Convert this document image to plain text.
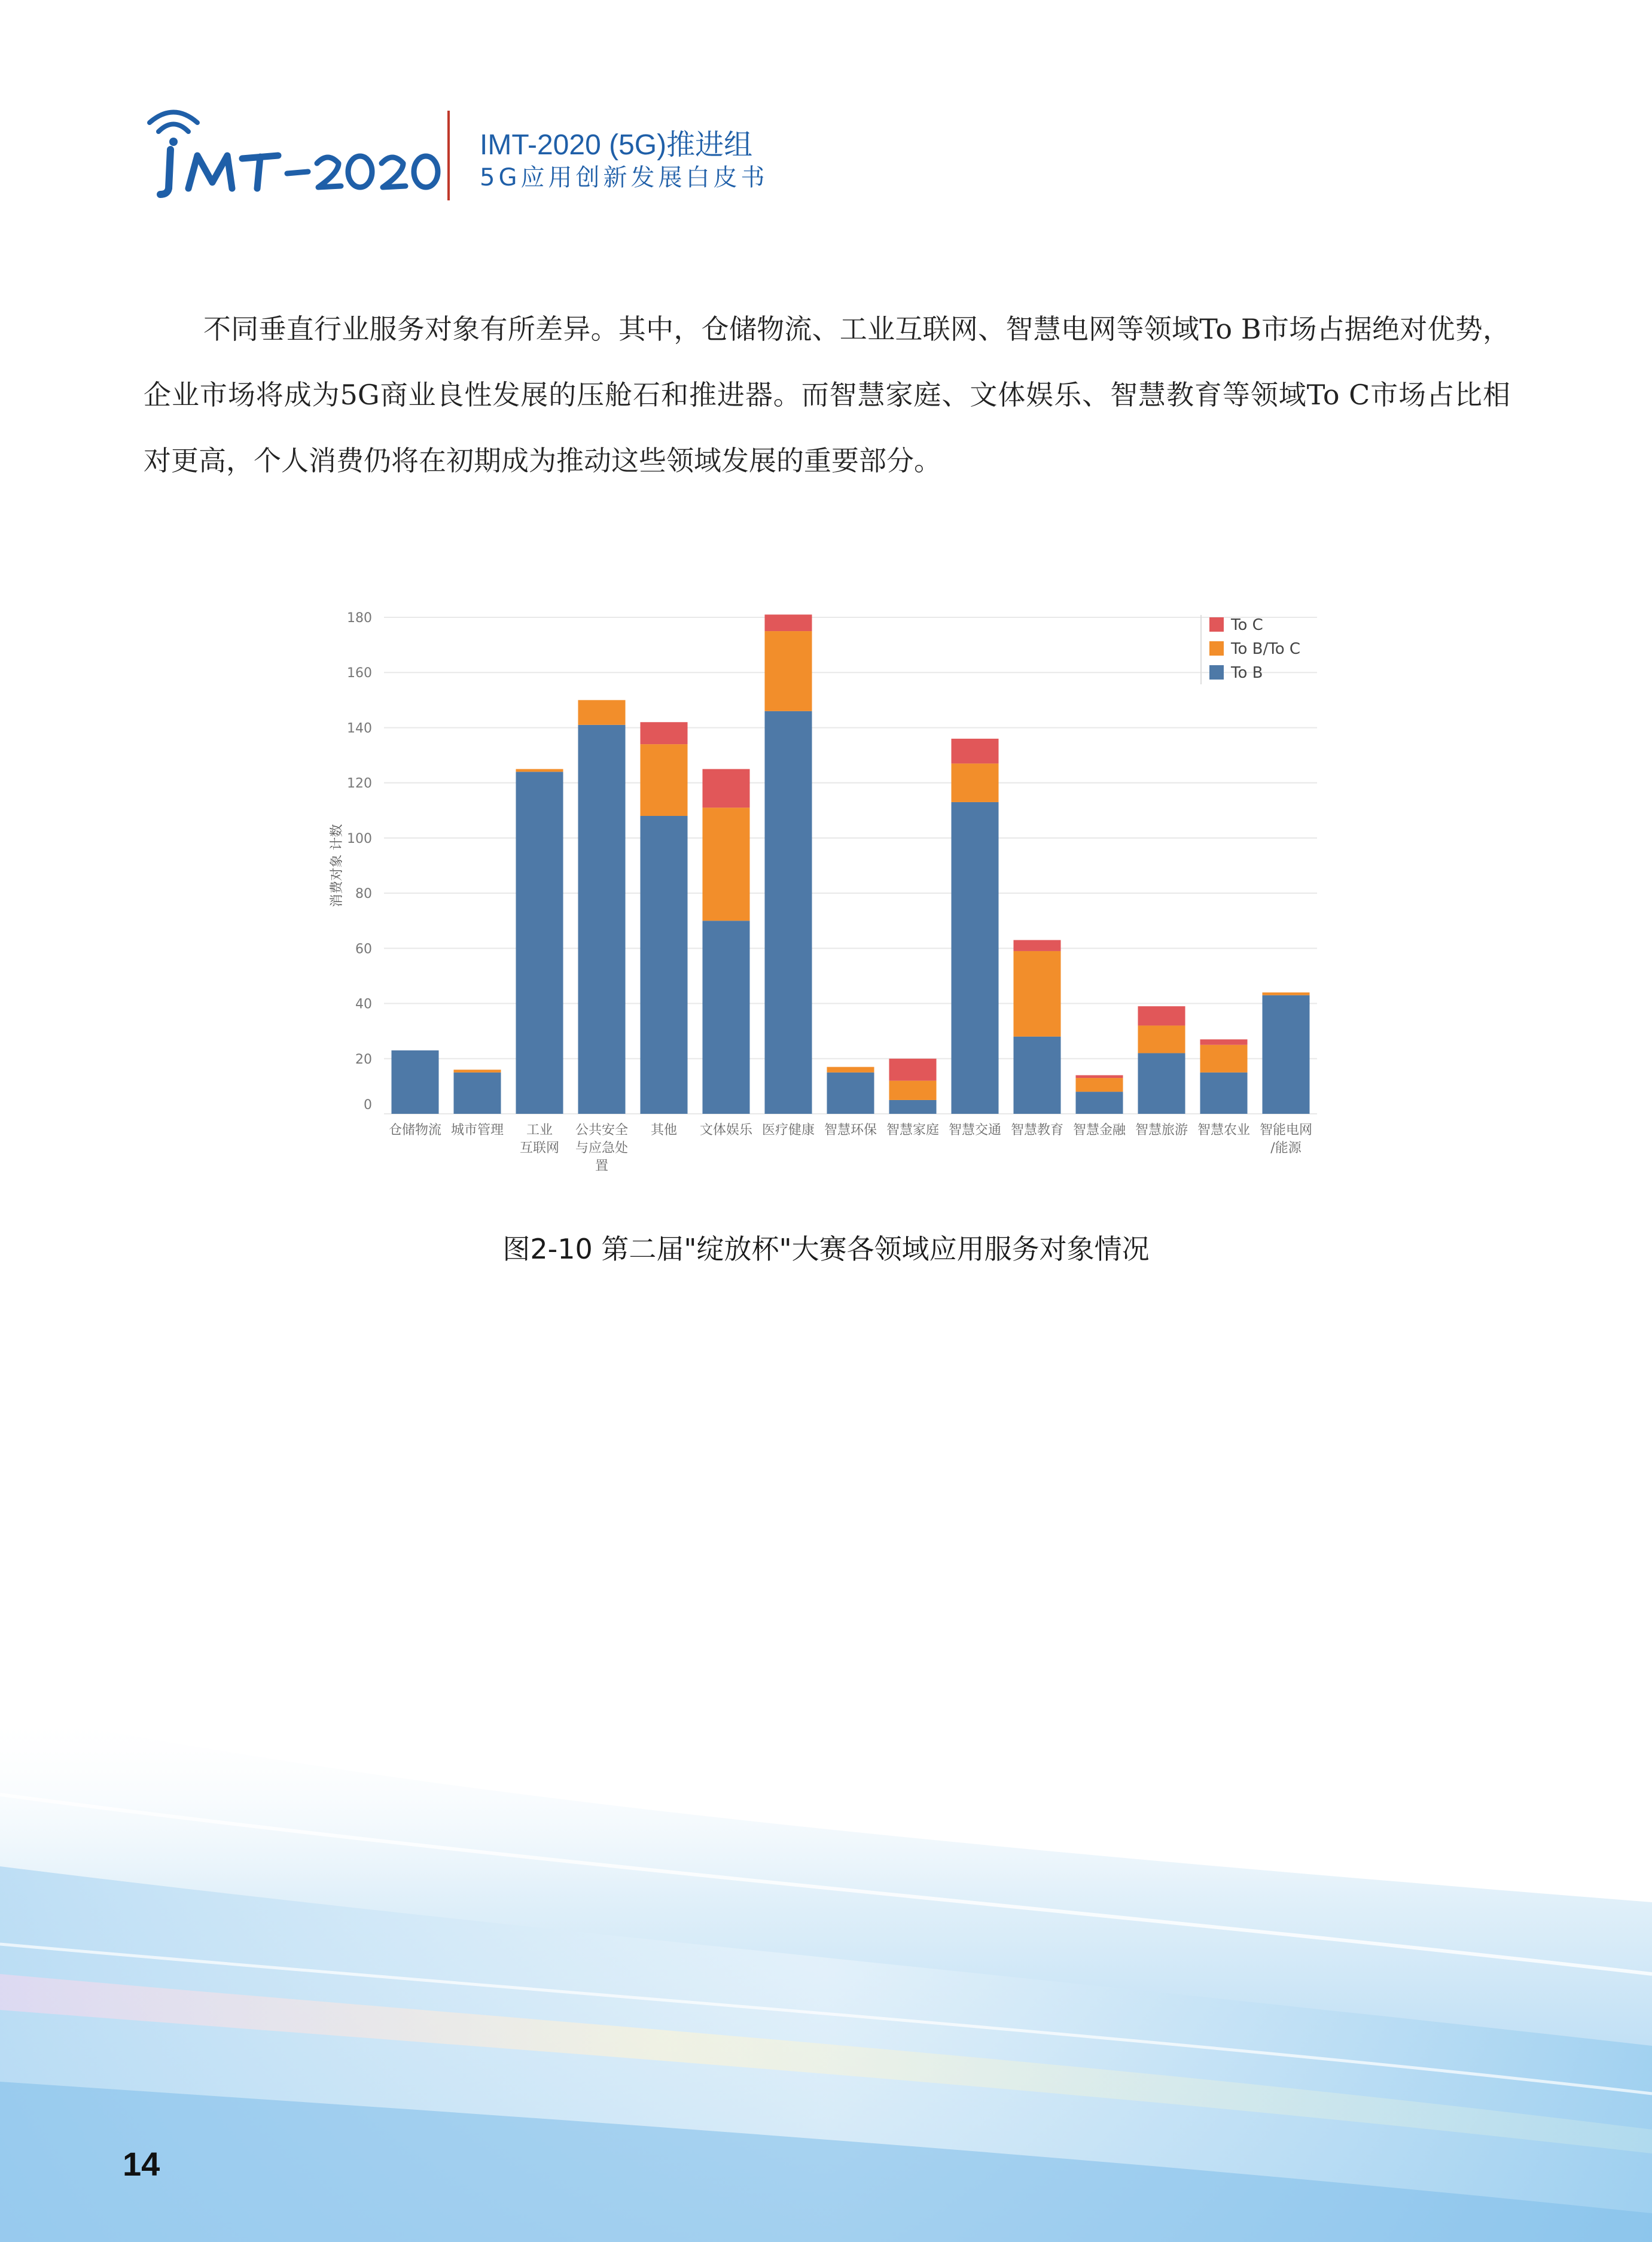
IMT-2020 (5G)推进组
5G应用创新发展白皮书

不同垂直行业服务对象有所差异。其中，仓储物流、工业互联网、智慧电网等领域To B市场占据绝对优势，企业市场将成为5G商业良性发展的压舱石和推进器。而智慧家庭、文体娱乐、智慧教育等领域To C市场占比相对更高，个人消费仍将在初期成为推动这些领域发展的重要部分。

0
20
40
60
80
100
120
140
160
180
消费对象 计数
仓储物流 城市管理 工业
互联网
公共安全
与应急处
置
其他 文体娱乐 医疗健康 智慧环保 智慧家庭 智慧交通 智慧教育 智慧金融 智慧旅游 智慧农业 智能电网
/能源
To C
To B/To C
To B
图2-10 第二届"绽放杯"大赛各领域应用服务对象情况
14
